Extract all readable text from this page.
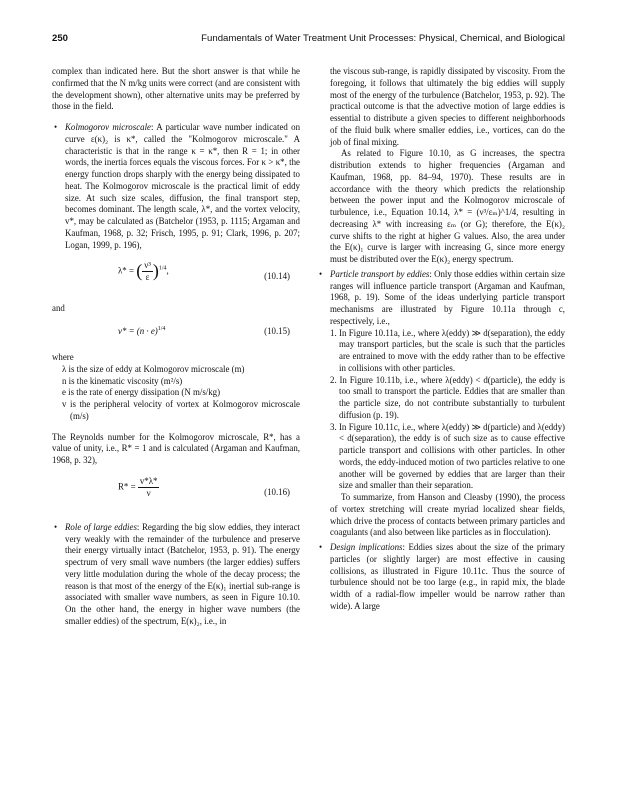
250	Fundamentals of Water Treatment Unit Processes: Physical, Chemical, and Biological

complex than indicated here. But the short answer is that while he confirmed that the N m/kg units were correct (and are consistent with the development shown), other alternative units may be preferred by those in the field.

• Kolmogorov microscale: A particular wave number indicated on curve ε(κ)₂ is κ*, called the "Kolmogorov microscale." A characteristic is that in the range κ = κ*, then R = 1; in other words, the inertia forces equals the viscous forces. For κ > κ*, the energy function drops sharply with the energy being dissipated to heat. The Kolmogorov microscale is the practical limit of eddy size. At such size scales, diffusion, the final transport step, becomes dominant. The length scale, λ*, and the vortex velocity, v*, may be calculated as (Batchelor (1953, p. 1115; Argaman and Kaufman, 1968, p. 32; Frisch, 1995, p. 91; Clark, 1996, p. 207; Logan, 1999, p. 196),
λ* = ( $\frac{\text{ν³}}{\varepsilon} )^{1/4}$,
(10.14)

and

$v* = (n \cdot e)^{1/4}$	(10.15)

where

λ is the size of eddy at Kolmogorov microscale (m)

n is the kinematic viscosity (m²/s)

e is the rate of energy dissipation (N m/s/kg)

v is the peripheral velocity of vortex at Kolmogorov microscale (m/s)

The Reynolds number for the Kolmogorov microscale, R*, has a value of unity, i.e., R* = 1 and is calculated (Argaman and Kaufman, 1968, p. 32),

$R* = \frac{v*\lambda*}{\nu}$	(10.16)
• Role of large eddies: Regarding the big slow eddies, they interact very weakly with the remainder of the turbulence and preserve their energy virtually intact (Batchelor, 1953, p. 91). The energy spectrum of very small wave numbers (the larger eddies) suffers very little modulation during the whole of the decay process; the reason is that most of the energy of the E(κ)₁ inertial sub-range is associated with smaller wave numbers, as seen in Figure 10.10. On the other hand, the energy in higher wave numbers (the smaller eddies) of the spectrum, E(κ)₂, i.e., in

the viscous sub-range, is rapidly dissipated by viscosity. From the foregoing, it follows that ultimately the big eddies will supply most of the energy of the turbulence (Batchelor, 1953, p. 92). The practical outcome is that the advective motion of large eddies is essential to distribute a given species to different neighborhoods of the fluid bulk where smaller eddies, i.e., vortices, can do the job of final mixing.

As related to Figure 10.10, as G increases, the spectra distribution extends to higher frequencies (Argaman and Kaufman, 1968, pp. 84–94, 1970). These results are in accordance with the theory which predicts the relationship between the power input and the Kolmogorov microscale of turbulence, i.e., Equation 10.14, λ* = (ν³/εₘ)^1/4, resulting in decreasing λ* with increasing εₘ (or G); therefore, the E(κ)₂ curve shifts to the right at higher G values. Also, the area under the E(κ)₁ curve is larger with increasing G, since more energy must be distributed over the E(κ)₂ energy spectrum.

• Particle transport by eddies: Only those eddies within certain size ranges will influence particle transport (Argaman and Kaufman, 1968, p. 19). Some of the ideas underlying particle transport mechanisms are illustrated by Figure 10.11a through c, respectively, i.e.,

1. In Figure 10.11a, i.e., where λ(eddy) ≫ d(separation), the eddy may transport particles, but the scale is such that the particles are entrained to move with the eddy rather than to be effective in collisions with other particles.

2. In Figure 10.11b, i.e., where λ(eddy) < d(particle), the eddy is too small to transport the particle. Eddies that are smaller than the particle size, do not contribute substantially to turbulent diffusion (p. 19).

3. In Figure 10.11c, i.e., where λ(eddy) ≫ d(particle) and λ(eddy) < d(separation), the eddy is of such size as to cause effective particle transport and collisions with other particles. In other words, the eddy-induced motion of two particles relative to one another will be governed by eddies that are larger than their size and smaller than their separation.

To summarize, from Hanson and Cleasby (1990), the process of vortex stretching will create myriad localized shear fields, which drive the process of contacts between primary particles and coagulants (and also between like particles as in flocculation).

• Design implications: Eddies sizes about the size of the primary particles (or slightly larger) are most effective in causing collisions, as illustrated in Figure 10.11c. Thus the source of turbulence should not be too large (e.g., in rapid mix, the blade width of a radial-flow impeller would be narrow rather than wide). A large
